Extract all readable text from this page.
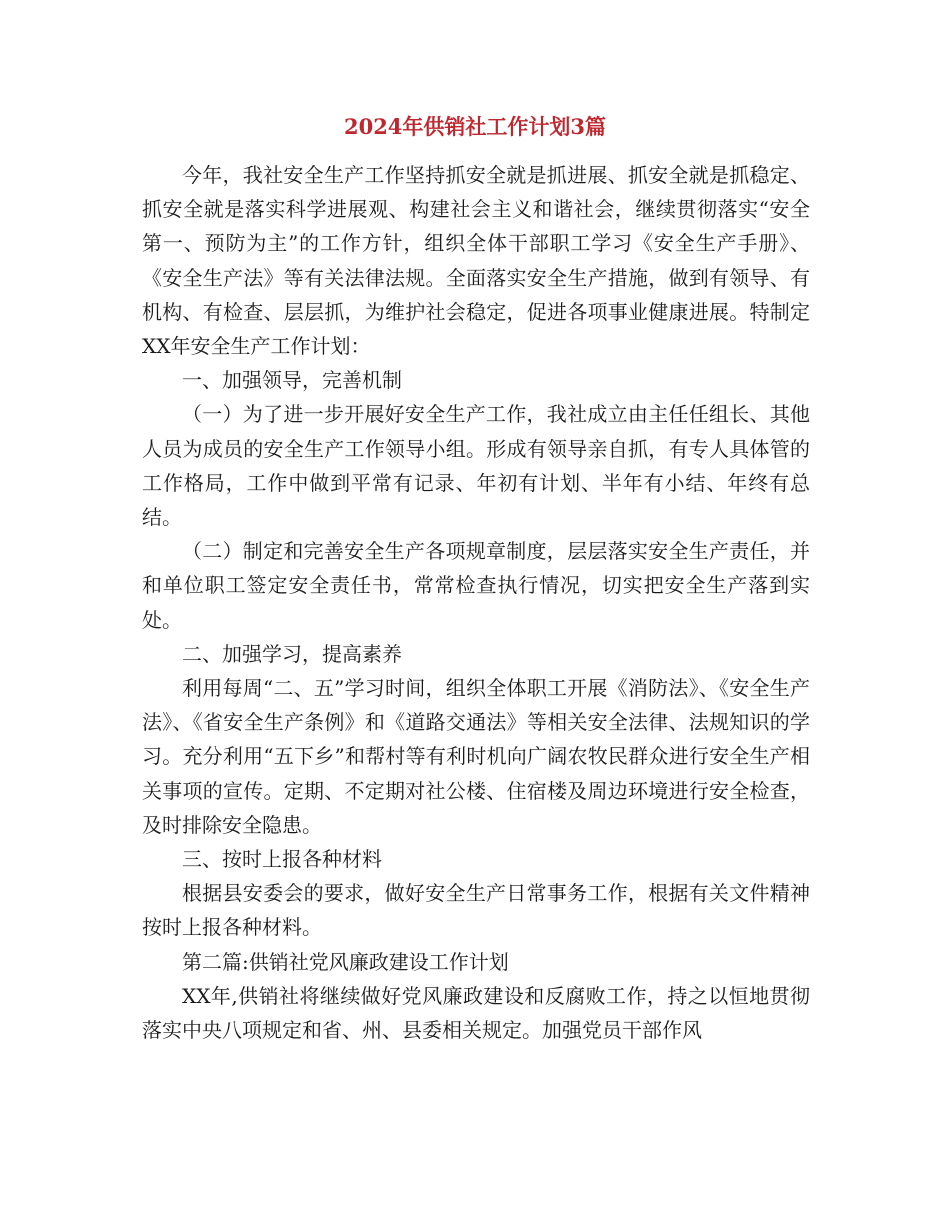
2024年供销社工作计划3篇

今年，我社安全生产工作坚持抓安全就是抓进展、抓安全就是抓稳定、抓安全就是落实科学进展观、构建社会主义和谐社会，继续贯彻落实“安全第一、预防为主”的工作方针，组织全体干部职工学习《安全生产手册》、《安全生产法》等有关法律法规。全面落实安全生产措施，做到有领导、有机构、有检查、层层抓，为维护社会稳定，促进各项事业健康进展。特制定XX年安全生产工作计划：

一、加强领导，完善机制

（一）为了进一步开展好安全生产工作，我社成立由主任任组长、其他人员为成员的安全生产工作领导小组。形成有领导亲自抓，有专人具体管的工作格局，工作中做到平常有记录、年初有计划、半年有小结、年终有总结。

（二）制定和完善安全生产各项规章制度，层层落实安全生产责任，并和单位职工签定安全责任书，常常检查执行情况，切实把安全生产落到实处。

二、加强学习，提高素养

利用每周“二、五”学习时间，组织全体职工开展《消防法》、《安全生产法》、《省安全生产条例》和《道路交通法》等相关安全法律、法规知识的学习。充分利用“五下乡”和帮村等有利时机向广阔农牧民群众进行安全生产相关事项的宣传。定期、不定期对社公楼、住宿楼及周边环境进行安全检查，及时排除安全隐患。

三、按时上报各种材料

根据县安委会的要求，做好安全生产日常事务工作，根据有关文件精神按时上报各种材料。

第二篇:供销社党风廉政建设工作计划

XX年,供销社将继续做好党风廉政建设和反腐败工作，持之以恒地贯彻落实中央八项规定和省、州、县委相关规定。加强党员干部作风
